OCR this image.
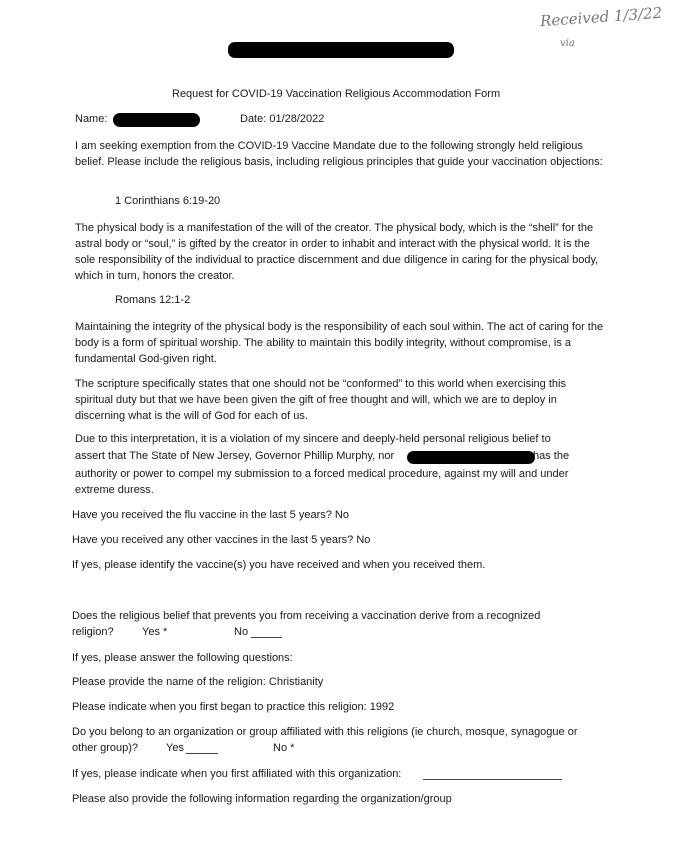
Received 1/3/22
via
Request for COVID-19 Vaccination Religious Accommodation Form
Name:	Date: 01/28/2022

I am seeking exemption from the COVID-19 Vaccine Mandate due to the following strongly held religious belief. Please include the religious basis, including religious principles that guide your vaccination objections:

1 Corinthians 6:19-20

The physical body is a manifestation of the will of the creator. The physical body, which is the “shell” for the astral body or “soul,” is gifted by the creator in order to inhabit and interact with the physical world. It is the sole responsibility of the individual to practice discernment and due diligence in caring for the physical body, which in turn, honors the creator.

Romans 12:1-2

Maintaining the integrity of the physical body is the responsibility of each soul within. The act of caring for the body is a form of spiritual worship. The ability to maintain this bodily integrity, without compromise, is a fundamental God-given right.

The scripture specifically states that one should not be “conformed” to this world when exercising this spiritual duty but that we have been given the gift of free thought and will, which we are to deploy in discerning what is the will of God for each of us.

Due to this interpretation, it is a violation of my sincere and deeply-held personal religious belief to
assert that The State of New Jersey, Governor Phillip Murphy, nor	has the

authority or power to compel my submission to a forced medical procedure, against my will and under extreme duress.

Have you received the flu vaccine in the last 5 years? No
Have you received any other vaccines in the last 5 years? No
If yes, please identify the vaccine(s) you have received and when you received them.
Does the religious belief that prevents you from receiving a vaccination derive from a recognized
religion?	Yes *	No
If yes, please answer the following questions:
Please provide the name of the religion: Christianity
Please indicate when you first began to practice this religion: 1992
Do you belong to an organization or group affiliated with this religions (ie church, mosque, synagogue or
other group)?	Yes	No *
If yes, please indicate when you first affiliated with this organization:
Please also provide the following information regarding the organization/group
